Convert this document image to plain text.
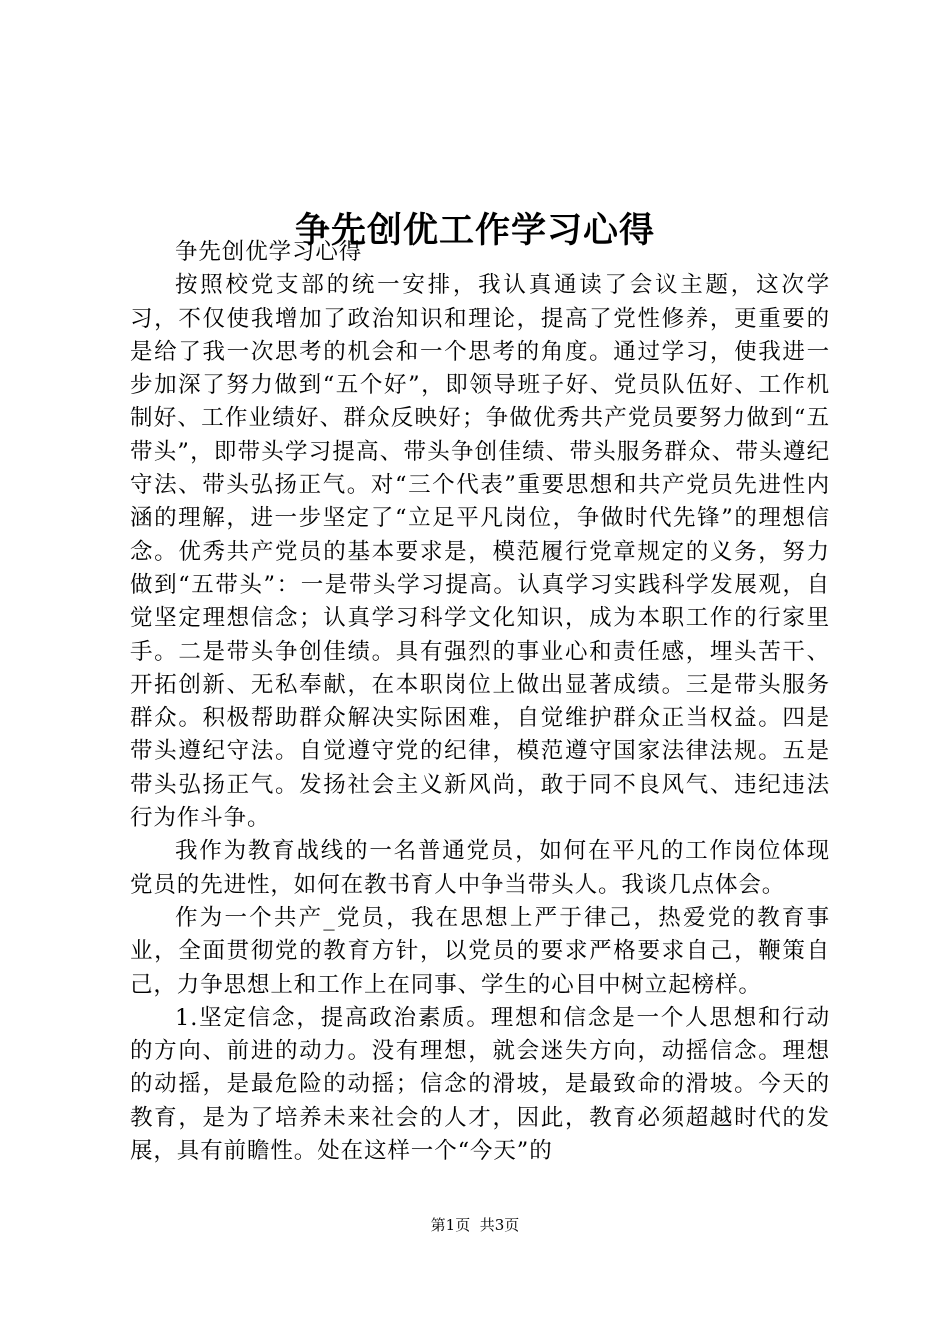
争先创优工作学习心得

争先创优学习心得

按照校党支部的统一安排，我认真通读了会议主题，这次学习，不仅使我增加了政治知识和理论，提高了党性修养，更重要的是给了我一次思考的机会和一个思考的角度。通过学习，使我进一步加深了努力做到“五个好”，即领导班子好、党员队伍好、工作机制好、工作业绩好、群众反映好；争做优秀共产党员要努力做到“五带头”，即带头学习提高、带头争创佳绩、带头服务群众、带头遵纪守法、带头弘扬正气。对“三个代表”重要思想和共产党员先进性内涵的理解，进一步坚定了“立足平凡岗位，争做时代先锋”的理想信念。优秀共产党员的基本要求是，模范履行党章规定的义务，努力做到“五带头”：一是带头学习提高。认真学习实践科学发展观，自觉坚定理想信念；认真学习科学文化知识，成为本职工作的行家里手。二是带头争创佳绩。具有强烈的事业心和责任感，埋头苦干、开拓创新、无私奉献，在本职岗位上做出显著成绩。三是带头服务群众。积极帮助群众解决实际困难，自觉维护群众正当权益。四是带头遵纪守法。自觉遵守党的纪律，模范遵守国家法律法规。五是带头弘扬正气。发扬社会主义新风尚，敢于同不良风气、违纪违法行为作斗争。

我作为教育战线的一名普通党员，如何在平凡的工作岗位体现党员的先进性，如何在教书育人中争当带头人。我谈几点体会。

作为一个共产_党员，我在思想上严于律己，热爱党的教育事业，全面贯彻党的教育方针，以党员的要求严格要求自己，鞭策自己，力争思想上和工作上在同事、学生的心目中树立起榜样。

1.坚定信念，提高政治素质。理想和信念是一个人思想和行动的方向、前进的动力。没有理想，就会迷失方向，动摇信念。理想的动摇，是最危险的动摇；信念的滑坡，是最致命的滑坡。今天的教育，是为了培养未来社会的人才，因此，教育必须超越时代的发展，具有前瞻性。处在这样一个“今天”的

第1页 共3页
